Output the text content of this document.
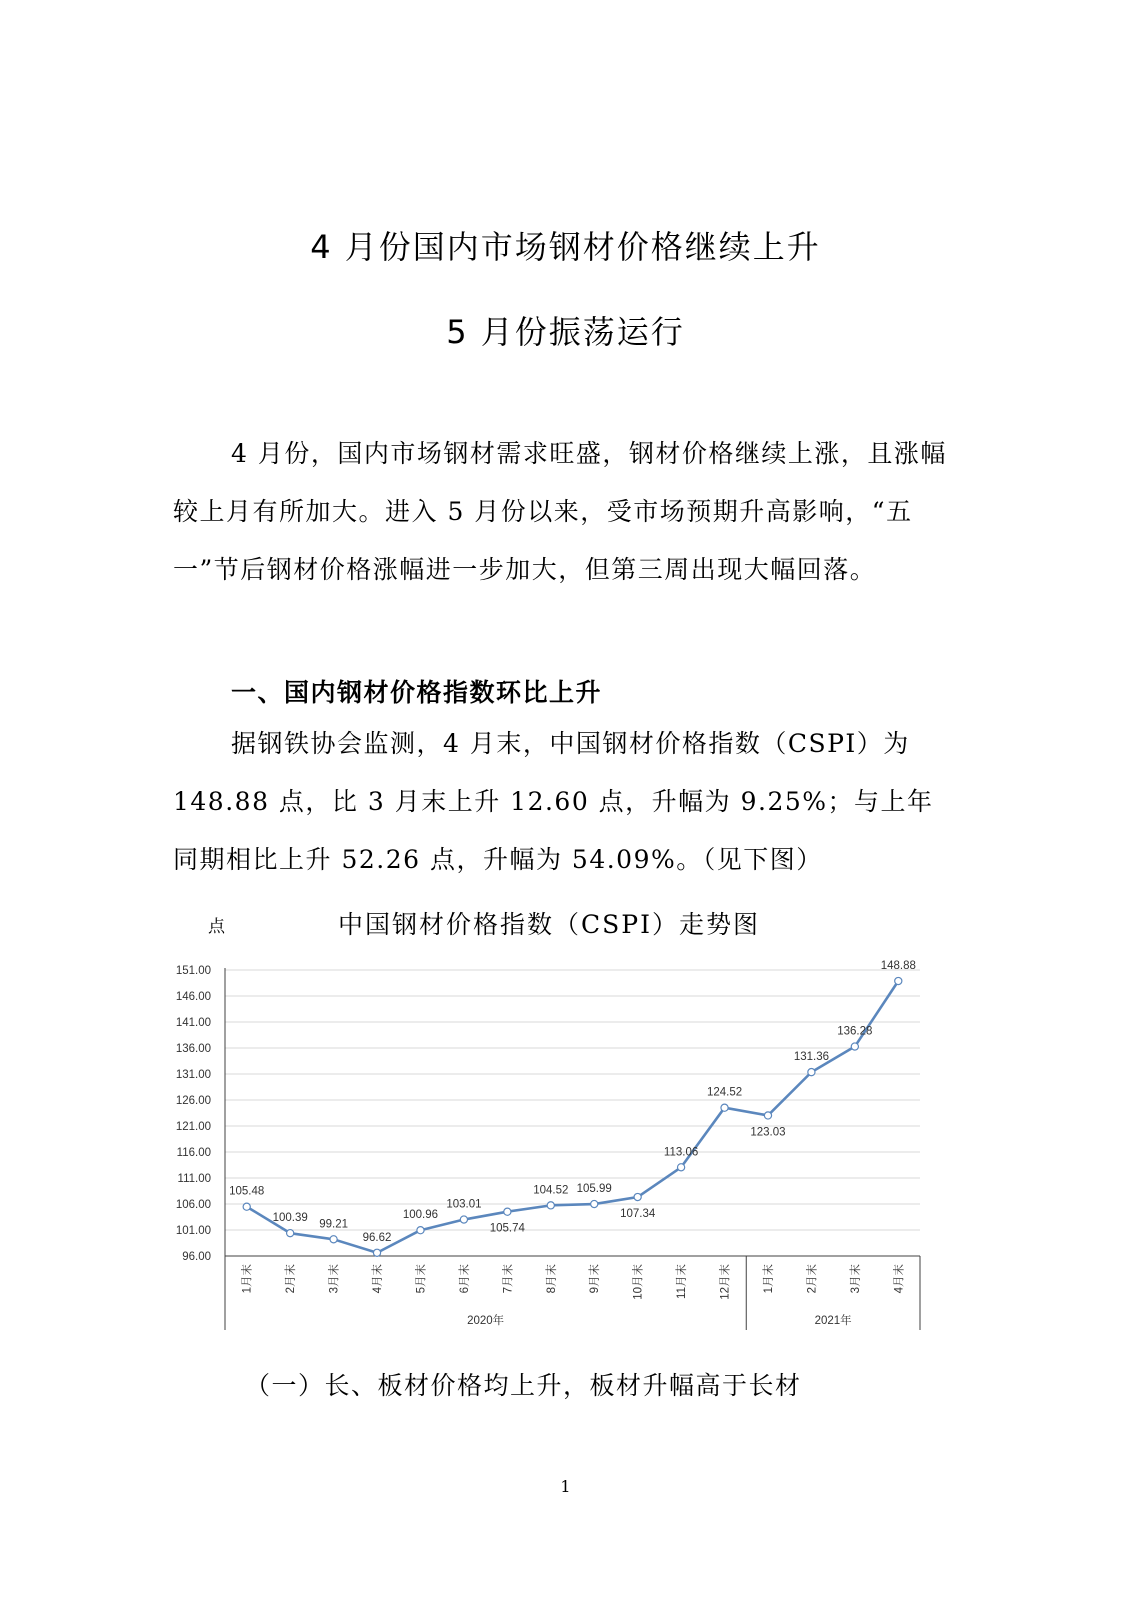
4 月份国内市场钢材价格继续上升
5 月份振荡运行

4 月份，国内市场钢材需求旺盛，钢材价格继续上涨，且涨幅较上月有所加大。进入 5 月份以来，受市场预期升高影响，“五一”节后钢材价格涨幅进一步加大，但第三周出现大幅回落。

一、国内钢材价格指数环比上升

据钢铁协会监测，4 月末，中国钢材价格指数（CSPI）为 148.88 点，比 3 月末上升 12.60 点，升幅为 9.25%；与上年同期相比上升 52.26 点，升幅为 54.09%。（见下图）

点	中国钢材价格指数（CSPI）走势图
96.00
101.00
106.00
111.00
116.00
121.00
126.00
131.00
136.00
141.00
146.00
151.00
1月末	2月末	3月末	4月末	5月末	6月末	7月末	8月末	9月末	10月末	11月末	12月末	1月末	2月末	3月末	4月末
2020年	2021年
105.48
100.39
99.21
96.62
100.96
103.01
105.74
104.52 105.99
107.34
113.06
124.52
123.03
131.36
136.28
148.88
（一）长、板材价格均上升，板材升幅高于长材
1
